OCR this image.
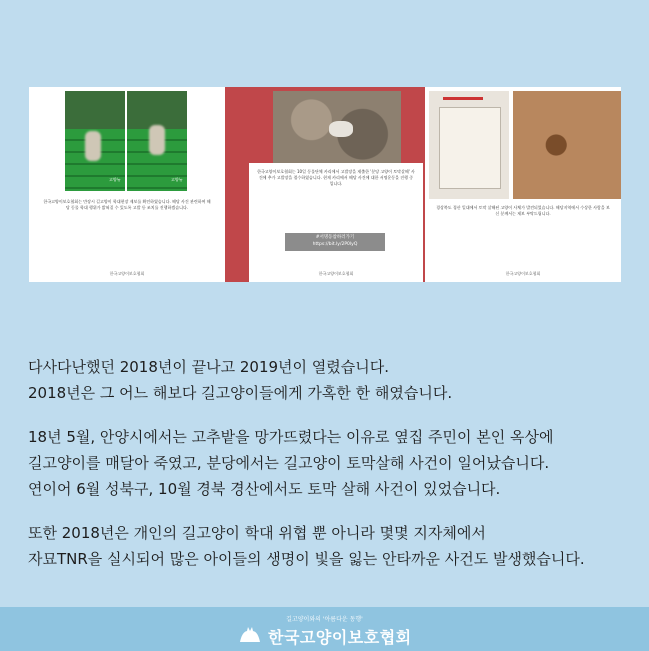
고양뉴	고양뉴
한국고양이보호협회는 만장시 길고양이 학대현장 제보를 확인하였습니다. 해당 사건 관련하여 해당 동물 학대 행위가 밝혀질 수 있도록 고발 등 조치를 진행하겠습니다.
한국고양이보호협회
한국고양이보호협회는 10일 동물단체 카리에서 고발장을 제출한 '분당 고양이 토막살해' 사건에 추가 고발장을 접수하였습니다. 현재 카리에서 해당 사건에 대한 서명운동을 진행 중입니다.
#서명동참하러가기
https://bit.ly/2P0lyQ
한국고양이보호협회
경상북도 경산 일대에서 토막 살해된 고양이 사체가 발견되었습니다. 해당지역에서 수상한 사람을 보신 분께서는 제보 부탁드립니다.
한국고양이보호협회

다사다난했던 2018년이 끝나고 2019년이 열렸습니다.
2018년은 그 어느 해보다 길고양이들에게 가혹한 한 해였습니다.

18년 5월, 안양시에서는 고추밭을 망가뜨렸다는 이유로 옆집 주민이 본인 옥상에
길고양이를 매달아 죽였고, 분당에서는 길고양이 토막살해 사건이 일어났습니다.
연이어 6월 성북구, 10월 경북 경산에서도 토막 살해 사건이 있었습니다.

또한 2018년은 개인의 길고양이 학대 위협 뿐 아니라 몇몇 지자체에서
자묘TNR을 실시되어 많은 아이들의 생명이 빛을 잃는 안타까운 사건도 발생했습니다.

길고양이와의 '아름다운 동행'
한국고양이보호협회
